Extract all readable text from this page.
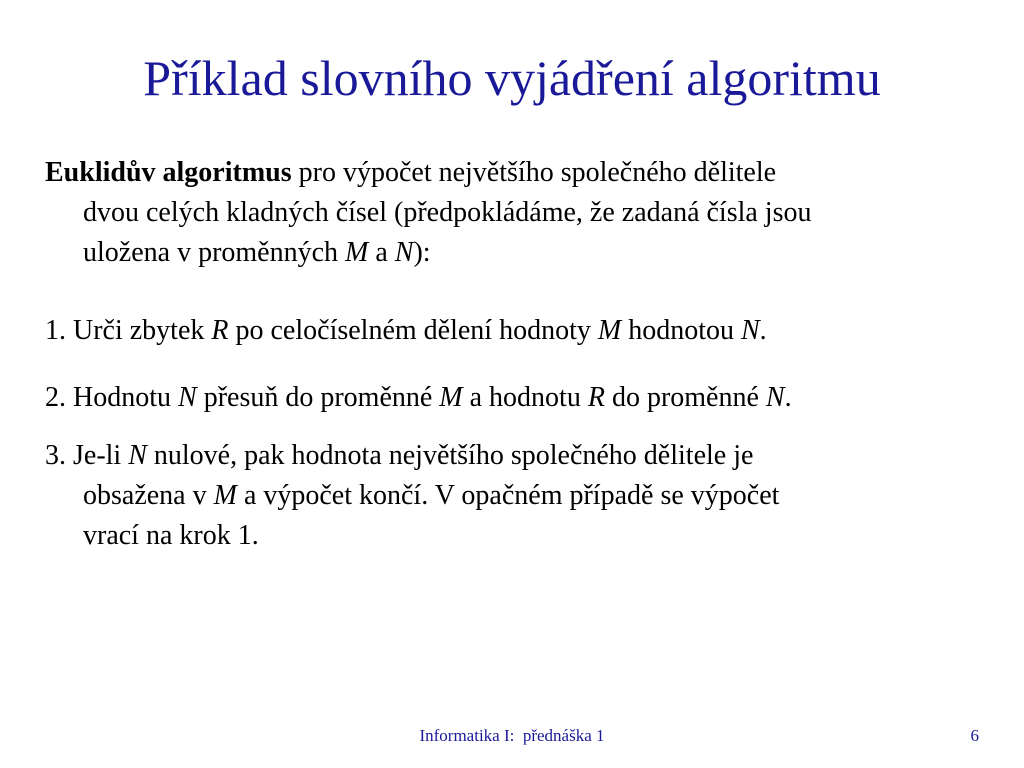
Příklad slovního vyjádření algoritmu
Euklidův algoritmus pro výpočet největšího společného dělitele
dvou celých kladných čísel (předpokládáme, že zadaná čísla jsou
uložena v proměnných M a N):
1. Urči zbytek R po celočíselném dělení hodnoty M hodnotou N.
2. Hodnotu N přesuň do proměnné M a hodnotu R do proměnné N.
3. Je-li N nulové, pak hodnota největšího společného dělitele je
obsažena v M a výpočet končí. V opačném případě se výpočet
vrací na krok 1.
Informatika I:  přednáška 1	6
